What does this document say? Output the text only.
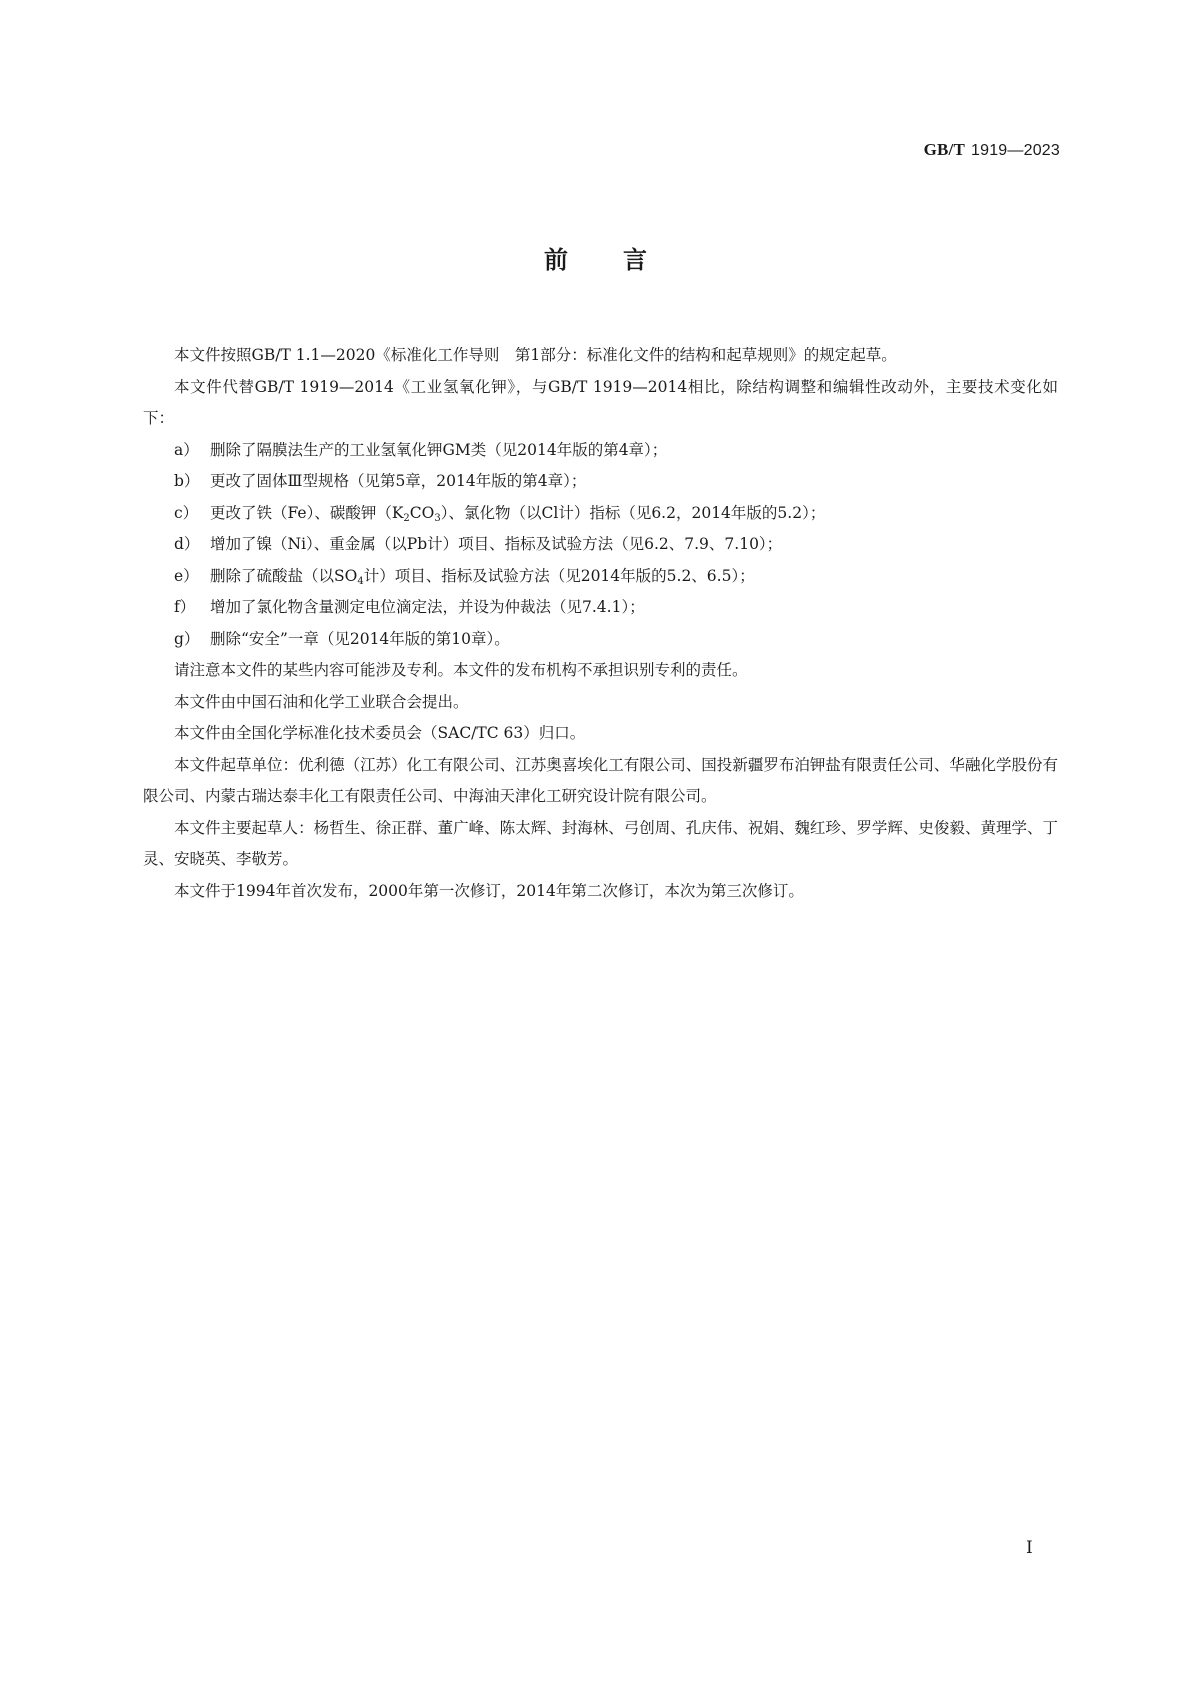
GB/T 1919—2023
前言

本文件按照GB/T 1.1—2020《标准化工作导则　第1部分：标准化文件的结构和起草规则》的规定起草。

本文件代替GB/T 1919—2014《工业氢氧化钾》，与GB/T 1919—2014相比，除结构调整和编辑性改动外，主要技术变化如下：

a） 删除了隔膜法生产的工业氢氧化钾GM类（见2014年版的第4章）；
b） 更改了固体Ⅲ型规格（见第5章，2014年版的第4章）；
c） 更改了铁（Fe）、碳酸钾$(K_2CO_3)$、氯化物（以Cl计）指标（见6.2，2014年版的5.2）；
d） 增加了镍（Ni）、重金属（以Pb计）项目、指标及试验方法（见6.2、7.9、7.10）；
e） 删除了硫酸盐（以$SO_4$计）项目、指标及试验方法（见2014年版的5.2、6.5）；
f） 增加了氯化物含量测定电位滴定法，并设为仲裁法（见7.4.1）；
g） 删除“安全”一章（见2014年版的第10章）。

请注意本文件的某些内容可能涉及专利。本文件的发布机构不承担识别专利的责任。

本文件由中国石油和化学工业联合会提出。

本文件由全国化学标准化技术委员会（SAC/TC 63）归口。

本文件起草单位：优利德（江苏）化工有限公司、江苏奥喜埃化工有限公司、国投新疆罗布泊钾盐有限责任公司、华融化学股份有限公司、内蒙古瑞达泰丰化工有限责任公司、中海油天津化工研究设计院有限公司。

本文件主要起草人：杨哲生、徐正群、董广峰、陈太辉、封海林、弓创周、孔庆伟、祝娟、魏红珍、罗学辉、史俊毅、黄理学、丁灵、安晓英、李敬芳。

本文件于1994年首次发布，2000年第一次修订，2014年第二次修订，本次为第三次修订。

Ⅰ
